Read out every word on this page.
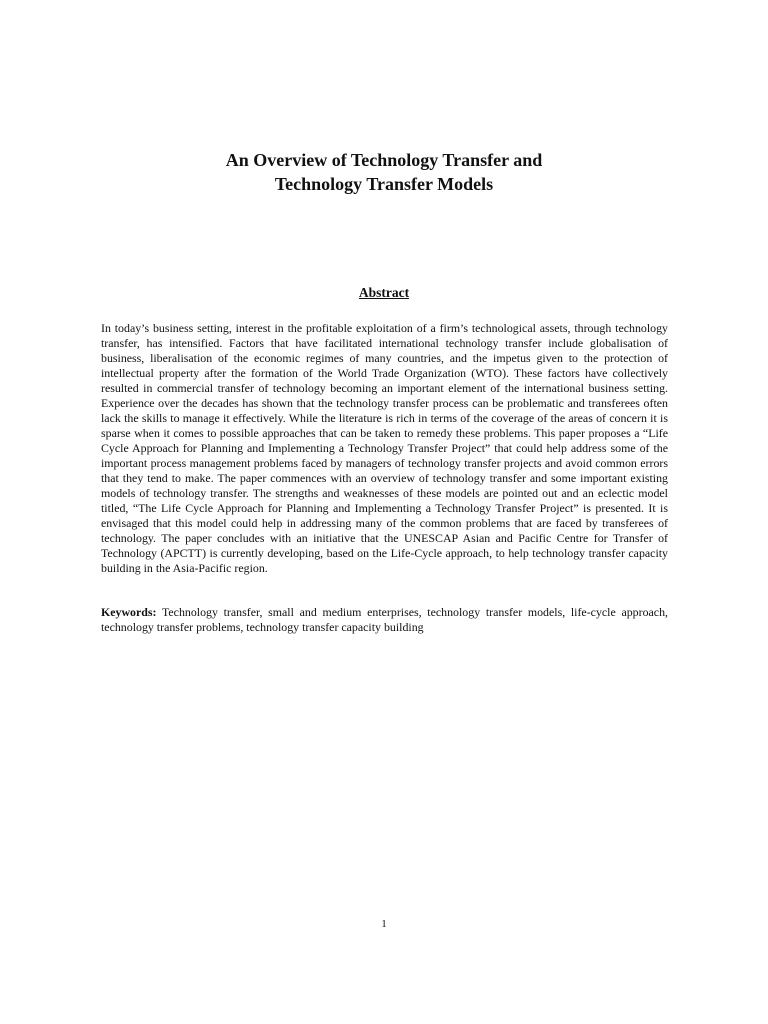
An Overview of Technology Transfer and
Technology Transfer Models
Abstract

In today’s business setting, interest in the profitable exploitation of a firm’s technological assets, through technology transfer, has intensified. Factors that have facilitated international technology transfer include globalisation of business, liberalisation of the economic regimes of many countries, and the impetus given to the protection of intellectual property after the formation of the World Trade Organization (WTO). These factors have collectively resulted in commercial transfer of technology becoming an important element of the international business setting. Experience over the decades has shown that the technology transfer process can be problematic and transferees often lack the skills to manage it effectively. While the literature is rich in terms of the coverage of the areas of concern it is sparse when it comes to possible approaches that can be taken to remedy these problems. This paper proposes a “Life Cycle Approach for Planning and Implementing a Technology Transfer Project” that could help address some of the important process management problems faced by managers of technology transfer projects and avoid common errors that they tend to make. The paper commences with an overview of technology transfer and some important existing models of technology transfer. The strengths and weaknesses of these models are pointed out and an eclectic model titled, “The Life Cycle Approach for Planning and Implementing a Technology Transfer Project” is presented. It is envisaged that this model could help in addressing many of the common problems that are faced by transferees of technology. The paper concludes with an initiative that the UNESCAP Asian and Pacific Centre for Transfer of Technology (APCTT) is currently developing, based on the Life-Cycle approach, to help technology transfer capacity building in the Asia-Pacific region.

Keywords: Technology transfer, small and medium enterprises, technology transfer models, life-cycle approach, technology transfer problems, technology transfer capacity building

1
